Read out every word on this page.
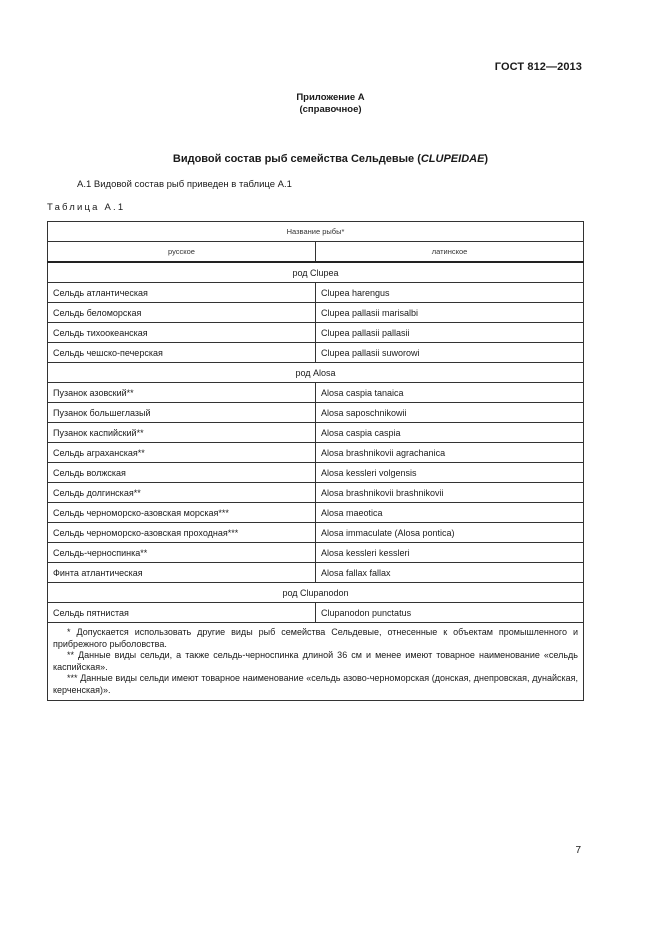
ГОСТ 812—2013
Приложение А
(справочное)
Видовой состав рыб семейства Сельдевые (CLUPEIDAE)
А.1 Видовой состав рыб приведен в таблице А.1
Таблица А.1
Название рыбы*	
русское	латинское
род Clupea	
Сельдь атлантическая	Clupea harengus
Сельдь беломорская	Clupea pallasii marisalbi
Сельдь тихоокеанская	Clupea pallasii pallasii
Сельдь чешско-печерская	Clupea pallasii suworowi
род Alosa	
Пузанок азовский**	Alosa caspia tanaica
Пузанок большеглазый	Alosa saposchnikowii
Пузанок каспийский**	Alosa caspia caspia
Сельдь аграханская**	Alosa brashnikovii agrachanica
Сельдь волжская	Alosa kessleri volgensis
Сельдь долгинская**	Alosa brashnikovii brashnikovii
Сельдь черноморско-азовская морская***	Alosa maeotica
Сельдь черноморско-азовская проходная***	Alosa immaculate (Alosa pontica)
Сельдь-черноспинка**	Alosa kessleri kessleri
Финта атлантическая	Alosa fallax fallax
род Clupanodon	
Сельдь пятнистая	Clupanodon punctatus

* Допускается использовать другие виды рыб семейства Сельдевые, отнесенные к объектам промышленного и прибрежного рыболовства.

** Данные виды сельди, а также сельдь-черноспинка длиной 36 см и менее имеют товарное наименование «сельдь каспийская».

*** Данные виды сельди имеют товарное наименование «сельдь азово-черноморская (донская, днепровская, дунайская, керченская)».	

7
